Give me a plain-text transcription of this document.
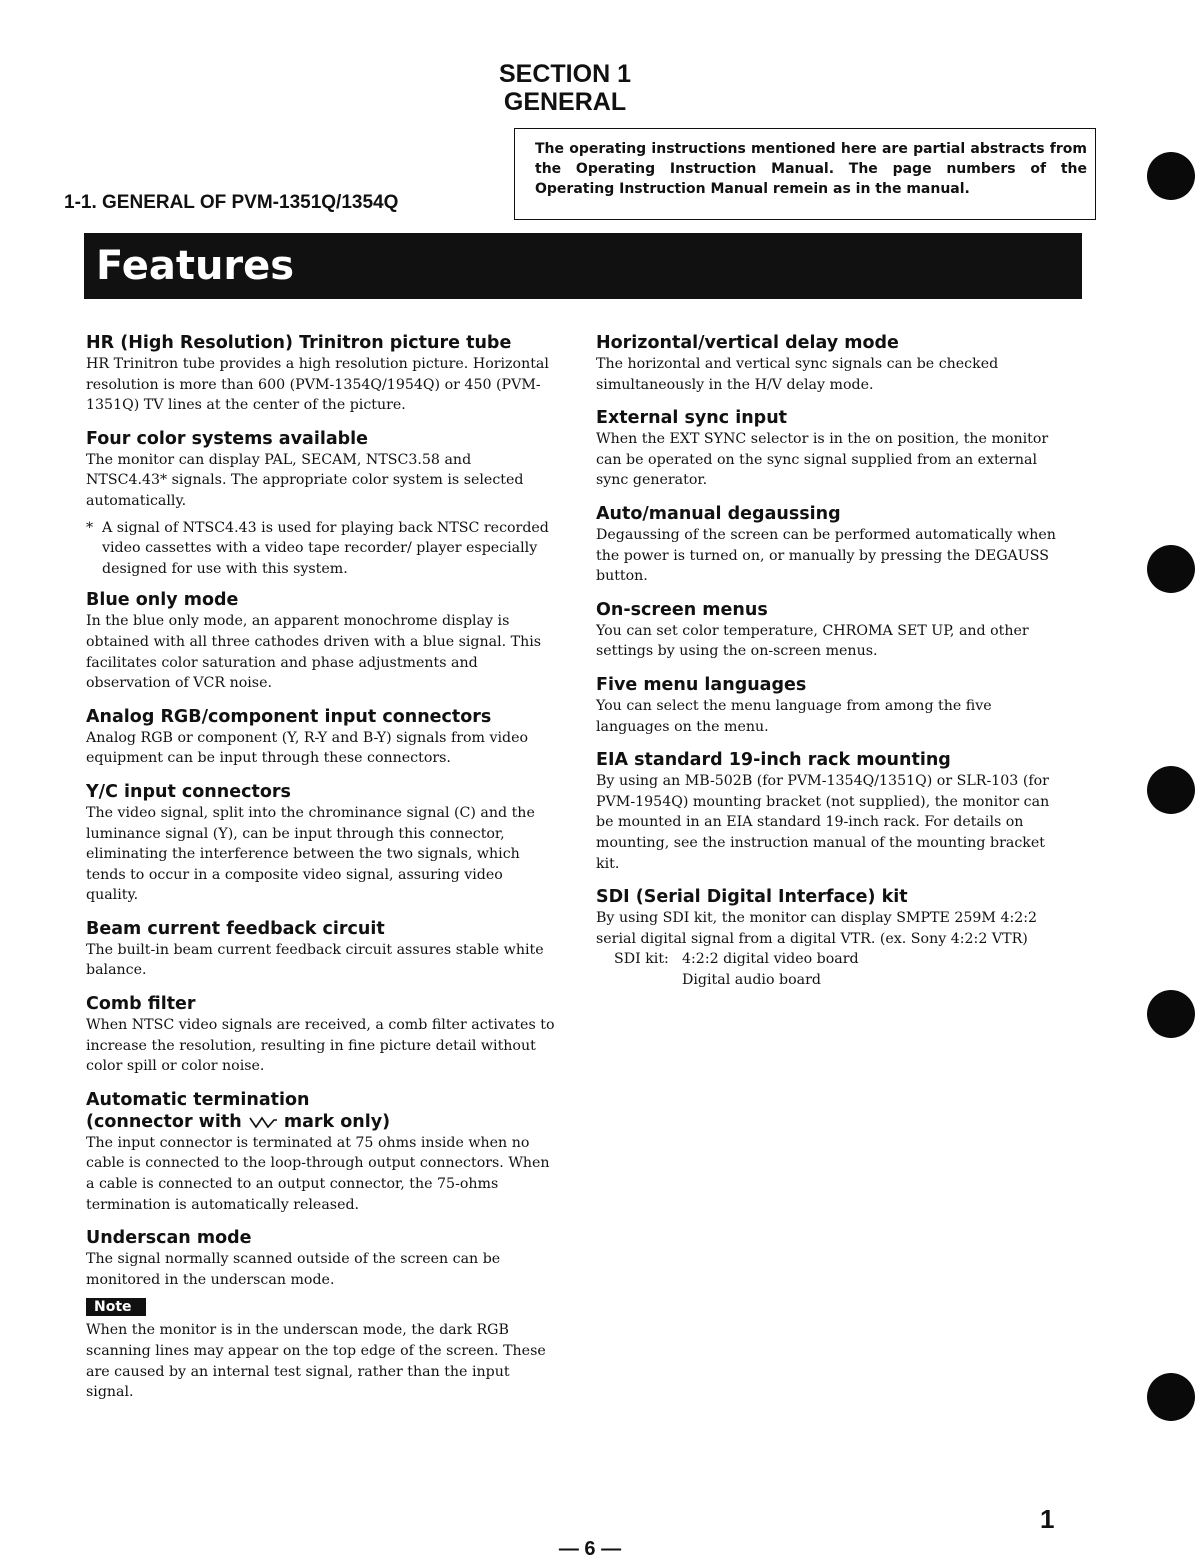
SECTION 1
GENERAL
The operating instructions mentioned here are partial abstracts from the Operating Instruction Manual. The page numbers of the Operating Instruction Manual remein as in the manual.
1-1. GENERAL OF PVM-1351Q/1354Q
Features
HR (High Resolution) Trinitron picture tube

HR Trinitron tube provides a high resolution picture. Horizontal resolution is more than 600 (PVM-1354Q/1954Q) or 450 (PVM-1351Q) TV lines at the center of the picture.

Four color systems available

The monitor can display PAL, SECAM, NTSC3.58 and NTSC4.43* signals. The appropriate color system is selected automatically.

* A signal of NTSC4.43 is used for playing back NTSC recorded video cassettes with a video tape recorder/ player especially designed for use with this system.
Blue only mode

In the blue only mode, an apparent monochrome display is obtained with all three cathodes driven with a blue signal. This facilitates color saturation and phase adjustments and observation of VCR noise.

Analog RGB/component input connectors

Analog RGB or component (Y, R-Y and B-Y) signals from video equipment can be input through these connectors.

Y/C input connectors

The video signal, split into the chrominance signal (C) and the luminance signal (Y), can be input through this connector, eliminating the interference between the two signals, which tends to occur in a composite video signal, assuring video quality.

Beam current feedback circuit

The built-in beam current feedback circuit assures stable white balance.

Comb filter

When NTSC video signals are received, a comb filter activates to increase the resolution, resulting in fine picture detail without color spill or color noise.

Automatic termination
(connector with mark only)

The input connector is terminated at 75 ohms inside when no cable is connected to the loop-through output connectors. When a cable is connected to an output connector, the 75-ohms termination is automatically released.

Underscan mode

The signal normally scanned outside of the screen can be monitored in the underscan mode.

Note

When the monitor is in the underscan mode, the dark RGB scanning lines may appear on the top edge of the screen. These are caused by an internal test signal, rather than the input signal.

Horizontal/vertical delay mode

The horizontal and vertical sync signals can be checked simultaneously in the H/V delay mode.

External sync input

When the EXT SYNC selector is in the on position, the monitor can be operated on the sync signal supplied from an external sync generator.

Auto/manual degaussing

Degaussing of the screen can be performed automatically when the power is turned on, or manually by pressing the DEGAUSS button.

On-screen menus

You can set color temperature, CHROMA SET UP, and other settings by using the on-screen menus.

Five menu languages

You can select the menu language from among the five languages on the menu.

EIA standard 19-inch rack mounting

By using an MB-502B (for PVM-1354Q/1351Q) or SLR-103 (for PVM-1954Q) mounting bracket (not supplied), the monitor can be mounted in an EIA standard 19-inch rack. For details on mounting, see the instruction manual of the mounting bracket kit.

SDI (Serial Digital Interface) kit

By using SDI kit, the monitor can display SMPTE 259M 4:2:2 serial digital signal from a digital VTR. (ex. Sony 4:2:2 VTR)

SDI kit: 4:2:2 digital video board
Digital audio board
1
— 6 —
